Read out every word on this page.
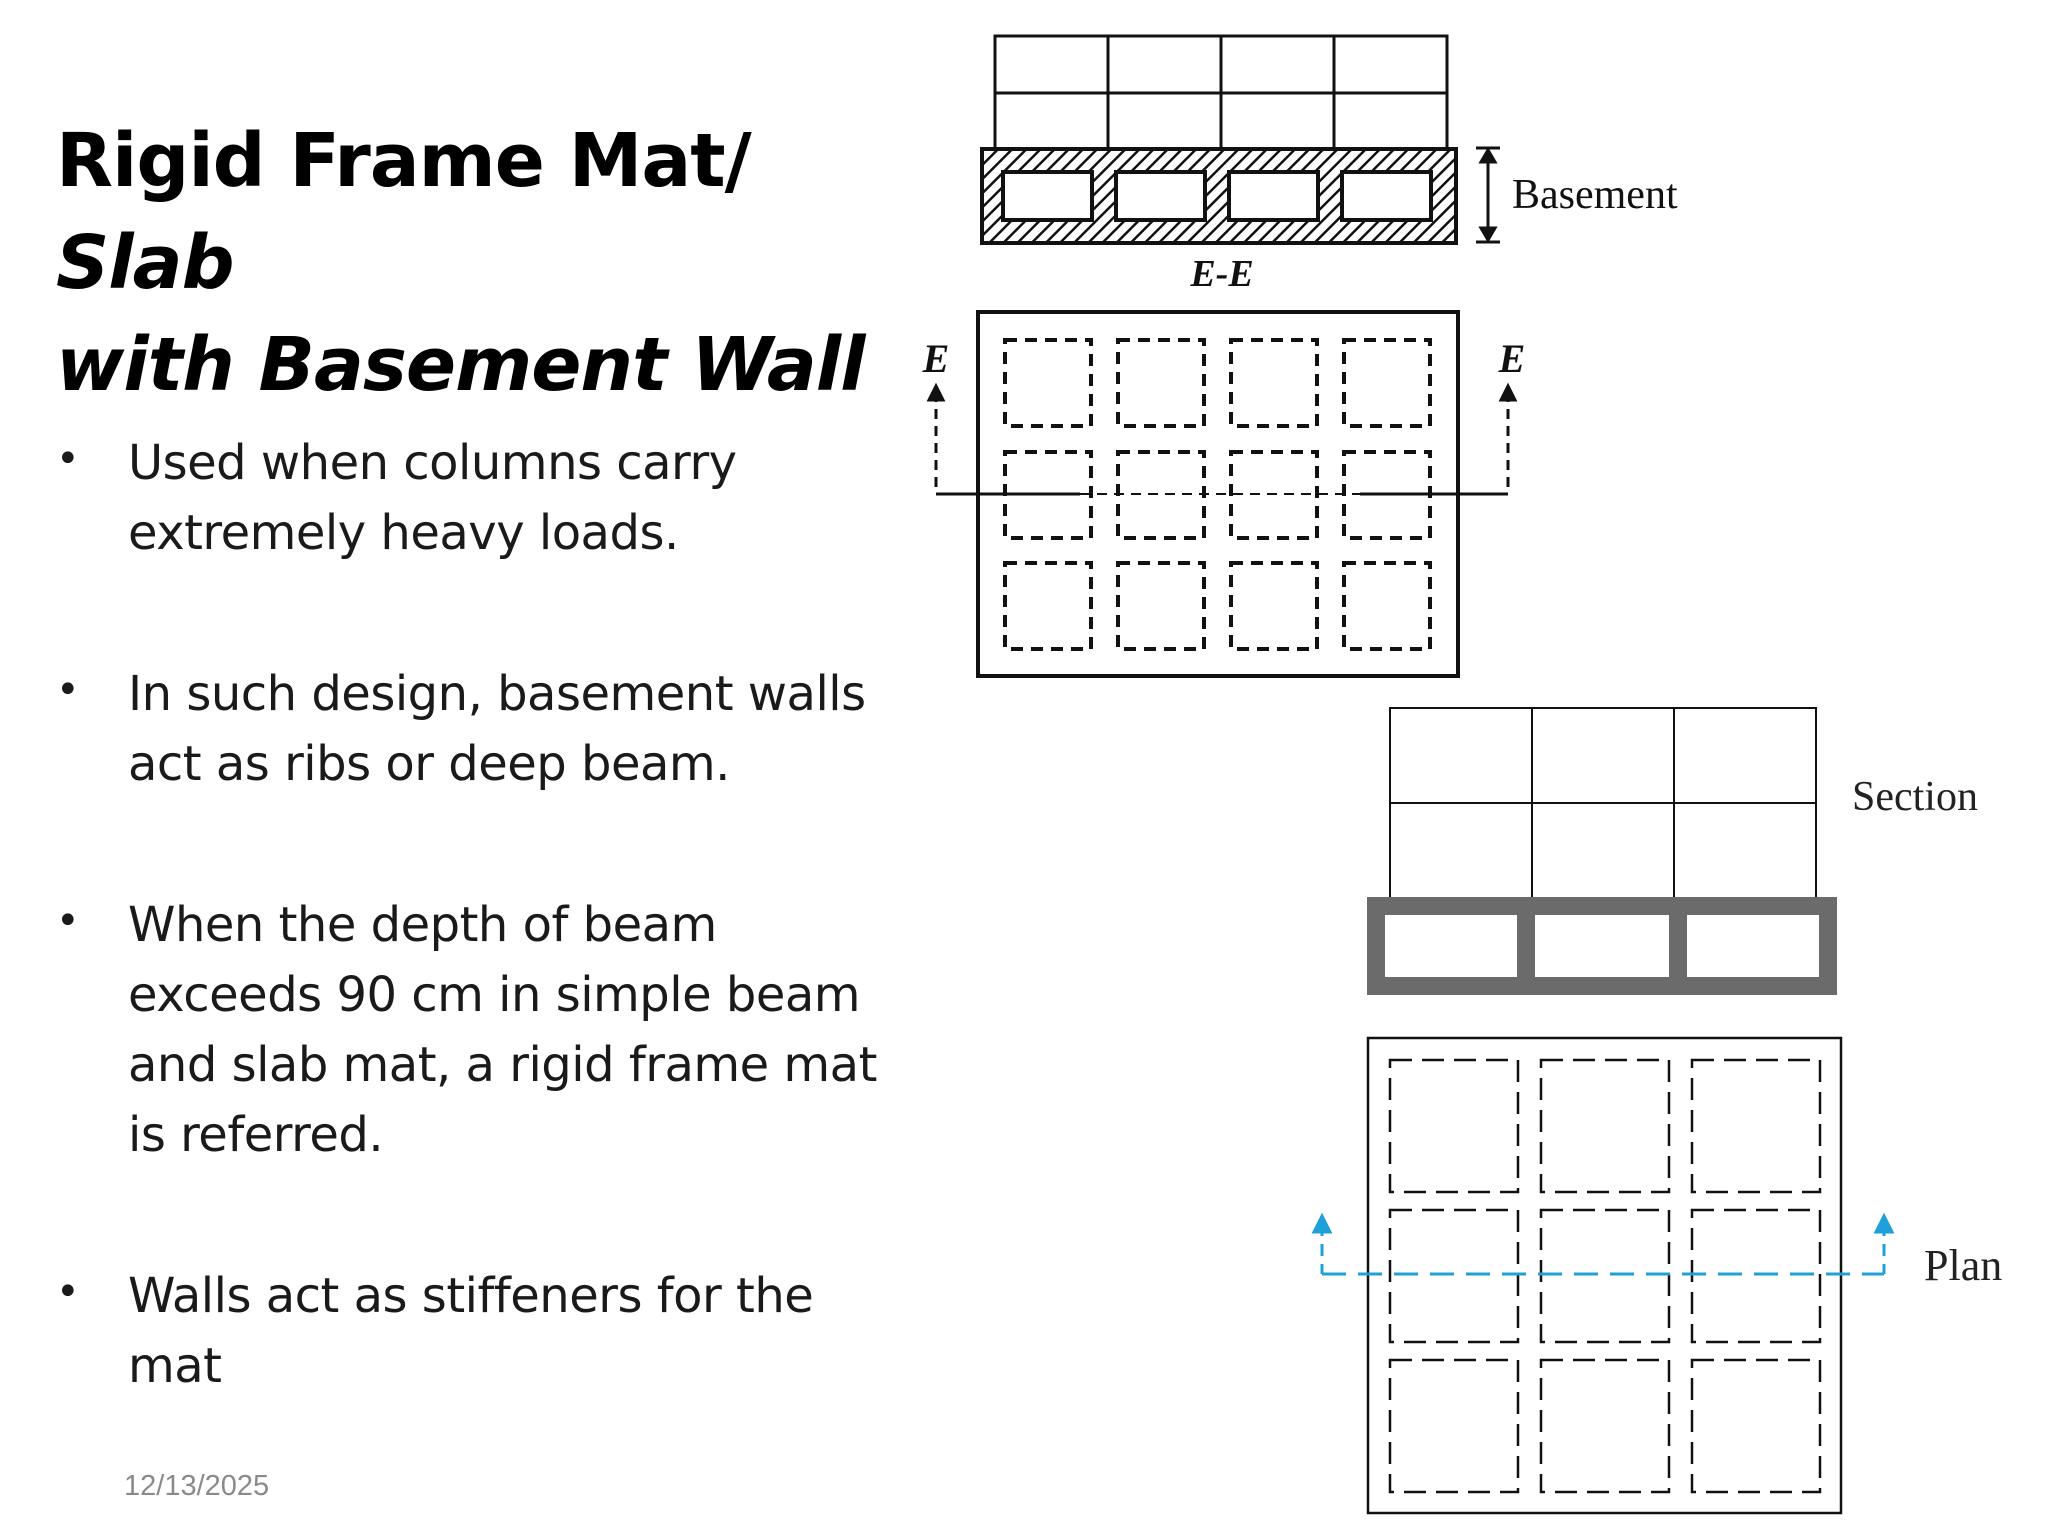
Rigid Frame Mat/ Slab
with Basement Wall
• Used when columns carry extremely heavy loads.
• In such design, basement walls act as ribs or deep beam.
• When the depth of beam exceeds 90 cm in simple beam and slab mat, a rigid frame mat is referred.
• Walls act as stiffeners for the mat
12/13/2025
Basement
E-E
E	E
Section
Plan
